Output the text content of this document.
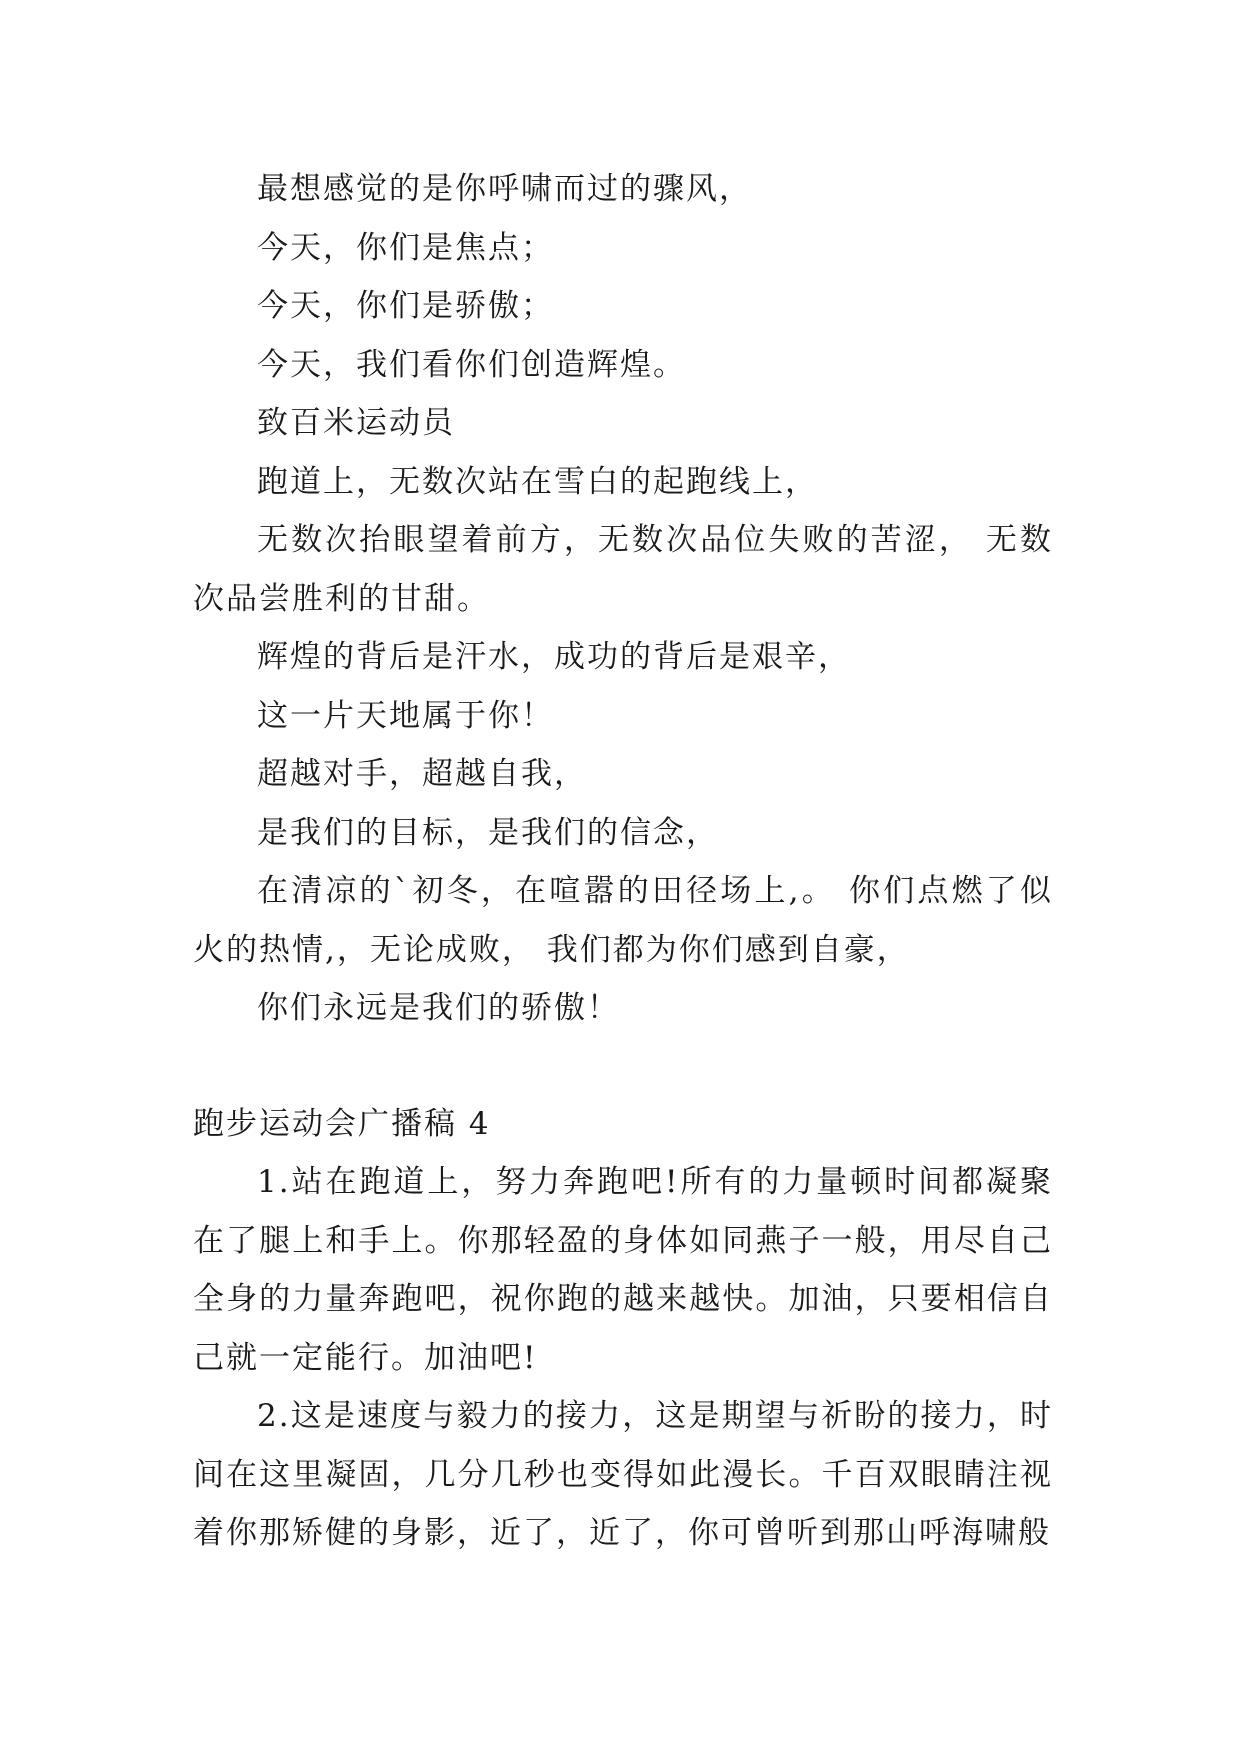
最想感觉的是你呼啸而过的骤风，
今天，你们是焦点；
今天，你们是骄傲；
今天，我们看你们创造辉煌。
致百米运动员
跑道上，无数次站在雪白的起跑线上，

无数次抬眼望着前方，无数次品位失败的苦涩， 无数次品尝胜利的甘甜。

辉煌的背后是汗水，成功的背后是艰辛，
这一片天地属于你！
超越对手，超越自我，
是我们的目标，是我们的信念，

在清凉的`初冬，在喧嚣的田径场上,。 你们点燃了似火的热情,，无论成败， 我们都为你们感到自豪，

你们永远是我们的骄傲！
跑步运动会广播稿 4

1.站在跑道上，努力奔跑吧!所有的力量顿时间都凝聚在了腿上和手上。你那轻盈的身体如同燕子一般，用尽自己全身的力量奔跑吧，祝你跑的越来越快。加油，只要相信自己就一定能行。加油吧!

2.这是速度与毅力的接力，这是期望与祈盼的接力，时间在这里凝固，几分几秒也变得如此漫长。千百双眼睛注视着你那矫健的身影，近了，近了，你可曾听到那山呼海啸般
